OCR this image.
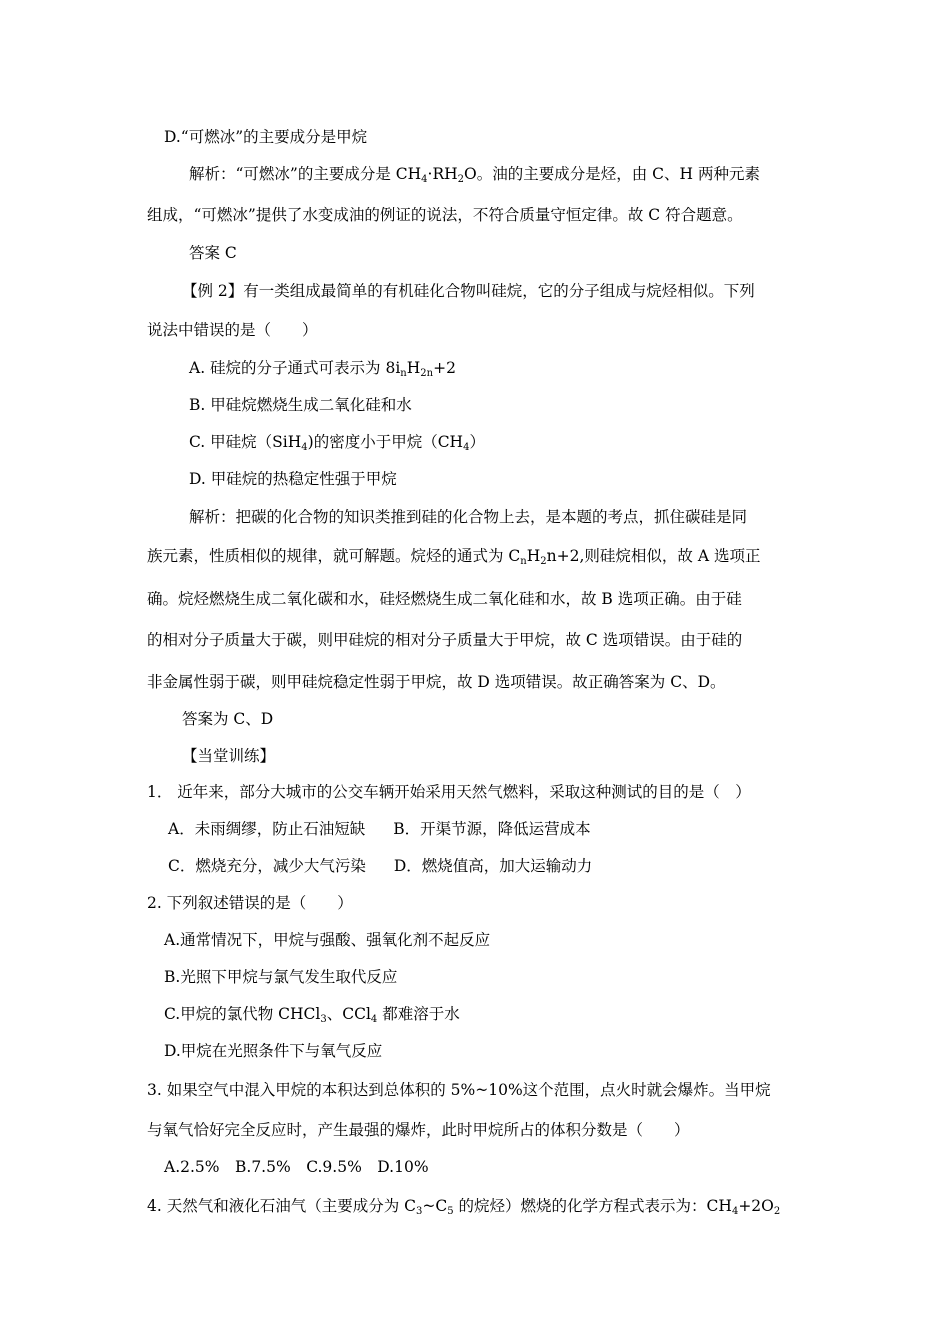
D.“可燃冰”的主要成分是甲烷
解析：“可燃冰”的主要成分是 $CH_4\cdot RH_2O$。油的主要成分是烃，由 C、H 两种元素
组成，“可燃冰”提供了水变成油的例证的说法，不符合质量守恒定律。故 C 符合题意。
答案 C
【例 2】有一类组成最简单的有机硅化合物叫硅烷，它的分子组成与烷烃相似。下列
说法中错误的是（　　）
A. 硅烷的分子通式可表示为 $8i_nH_{2n}+2$
B. 甲硅烷燃烧生成二氧化硅和水
C. 甲硅烷（SiH$_4$)的密度小于甲烷$(CH_4)$
D. 甲硅烷的热稳定性强于甲烷
解析：把碳的化合物的知识类推到硅的化合物上去，是本题的考点，抓住碳硅是同
族元素，性质相似的规律，就可解题。烷烃的通式为 $C_nH_2n+2$,则硅烷相似，故 A 选项正
确。烷烃燃烧生成二氧化碳和水，硅烃燃烧生成二氧化硅和水，故 B 选项正确。由于硅
的相对分子质量大于碳，则甲硅烷的相对分子质量大于甲烷，故 C 选项错误。由于硅的
非金属性弱于碳，则甲硅烷稳定性弱于甲烷，故 D 选项错误。故正确答案为 C、D。
答案为 C、D
【当堂训练】
1． 近年来，部分大城市的公交车辆开始采用天然气燃料，采取这种测试的目的是（　）
A．未雨绸缪，防止石油短缺 B．开渠节源，降低运营成本
C．燃烧充分，减少大气污染 D．燃烧值高，加大运输动力
2. 下列叙述错误的是（　　）
A.通常情况下，甲烷与强酸、强氧化剂不起反应
B.光照下甲烷与氯气发生取代反应
C.甲烷的氯代物 CHCl$_3$、CCl$_4$ 都难溶于水
D.甲烷在光照条件下与氧气反应
3. 如果空气中混入甲烷的本积达到总体积的 5%~10%这个范围，点火时就会爆炸。当甲烷
与氧气恰好完全反应时，产生最强的爆炸，此时甲烷所占的体积分数是（　　）
A.2.5%　B.7.5%　C.9.5%　D.10%
4. 天然气和液化石油气（主要成分为 $C_3\sim C_5$ 的烷烃）燃烧的化学方程式表示为：$CH_4+2O_2$
